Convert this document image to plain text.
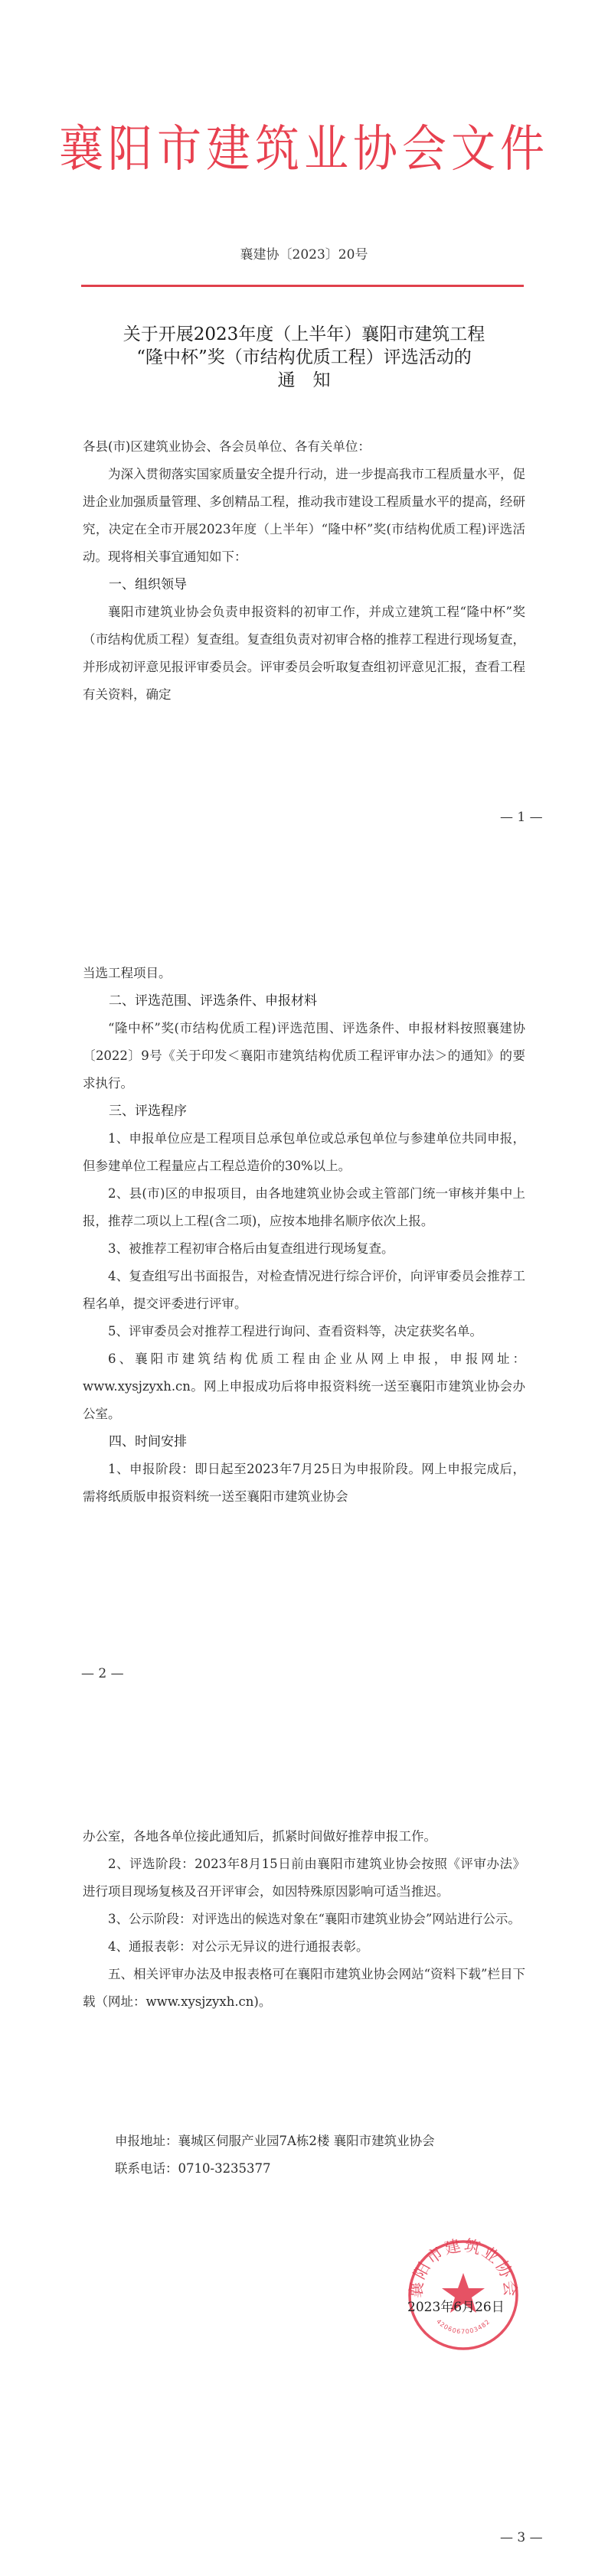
襄阳市建筑业协会文件
襄建协〔2023〕20号
关于开展2023年度（上半年）襄阳市建筑工程
“隆中杯”奖（市结构优质工程）评选活动的
通　知

各县(市)区建筑业协会、各会员单位、各有关单位：

为深入贯彻落实国家质量安全提升行动，进一步提高我市工程质量水平，促进企业加强质量管理、多创精品工程，推动我市建设工程质量水平的提高，经研究，决定在全市开展2023年度（上半年）“隆中杯”奖(市结构优质工程)评选活动。现将相关事宜通知如下：

一、组织领导

襄阳市建筑业协会负责申报资料的初审工作，并成立建筑工程“隆中杯”奖（市结构优质工程）复查组。复查组负责对初审合格的推荐工程进行现场复查，并形成初评意见报评审委员会。评审委员会听取复查组初评意见汇报，查看工程有关资料，确定

— 1 —

当选工程项目。

二、评选范围、评选条件、申报材料

“隆中杯”奖(市结构优质工程)评选范围、评选条件、申报材料按照襄建协〔2022〕9号《关于印发＜襄阳市建筑结构优质工程评审办法＞的通知》的要求执行。

三、评选程序

1、申报单位应是工程项目总承包单位或总承包单位与参建单位共同申报，但参建单位工程量应占工程总造价的30%以上。

2、县(市)区的申报项目，由各地建筑业协会或主管部门统一审核并集中上报，推荐二项以上工程(含二项)，应按本地排名顺序依次上报。

3、被推荐工程初审合格后由复查组进行现场复查。

4、复查组写出书面报告，对检查情况进行综合评价，向评审委员会推荐工程名单，提交评委进行评审。

5、评审委员会对推荐工程进行询问、查看资料等，决定获奖名单。

6、襄阳市建筑结构优质工程由企业从网上申报，申报网址：www.xysjzyxh.cn。网上申报成功后将申报资料统一送至襄阳市建筑业协会办公室。

四、时间安排

1、申报阶段：即日起至2023年7月25日为申报阶段。网上申报完成后，需将纸质版申报资料统一送至襄阳市建筑业协会

— 2 —

办公室，各地各单位接此通知后，抓紧时间做好推荐申报工作。

2、评选阶段：2023年8月15日前由襄阳市建筑业协会按照《评审办法》进行项目现场复核及召开评审会，如因特殊原因影响可适当推迟。

3、公示阶段：对评选出的候选对象在“襄阳市建筑业协会”网站进行公示。

4、通报表彰：对公示无异议的进行通报表彰。

五、相关评审办法及申报表格可在襄阳市建筑业协会网站“资料下载”栏目下载（网址：www.xysjzyxh.cn)。

申报地址：襄城区伺服产业园7A栋2楼 襄阳市建筑业协会

联系电话：0710-3235377

— 3 —
襄阳市建筑业协会
4206067003482
2023年6月26日
